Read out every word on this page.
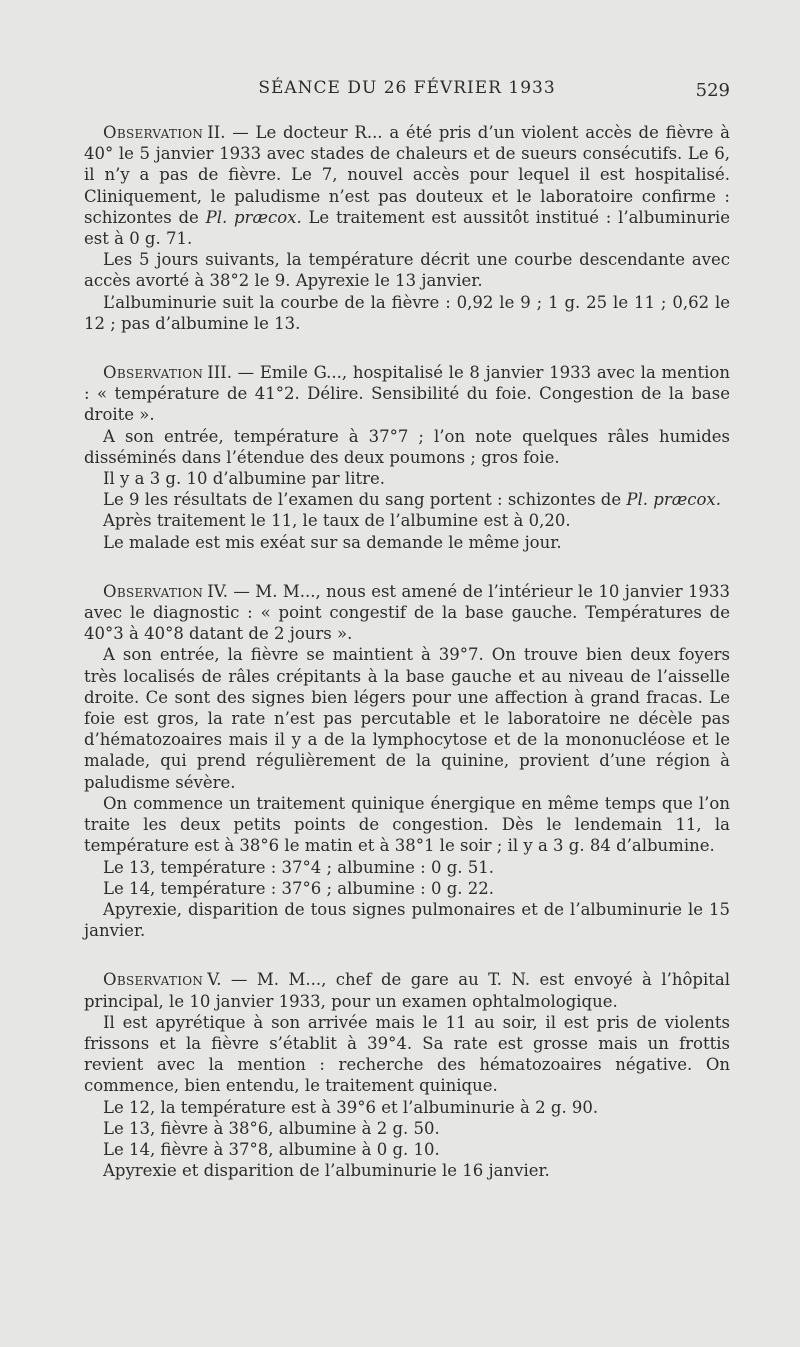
SÉANCE DU 26 FÉVRIER 1933	529

Observation II. — Le docteur R... a été pris d’un violent accès de fièvre à 40° le 5 janvier 1933 avec stades de chaleurs et de sueurs consécutifs. Le 6, il n’y a pas de fièvre. Le 7, nouvel accès pour lequel il est hospitalisé. Cliniquement, le paludisme n’est pas douteux et le laboratoire confirme : schizontes de Pl. præcox. Le traitement est aussitôt institué : l’albuminurie est à 0 g. 71.

Les 5 jours suivants, la température décrit une courbe descendante avec accès avorté à 38°2 le 9. Apyrexie le 13 janvier.

L’albuminurie suit la courbe de la fièvre : 0,92 le 9 ; 1 g. 25 le 11 ; 0,62 le 12 ; pas d’albumine le 13.

Observation III. — Emile G..., hospitalisé le 8 janvier 1933 avec la mention : « température de 41°2. Délire. Sensibilité du foie. Congestion de la base droite ».

A son entrée, température à 37°7 ; l’on note quelques râles humides disséminés dans l’étendue des deux poumons ; gros foie.

Il y a 3 g. 10 d’albumine par litre.

Le 9 les résultats de l’examen du sang portent : schizontes de Pl. præcox.

Après traitement le 11, le taux de l’albumine est à 0,20.

Le malade est mis exéat sur sa demande le même jour.

Observation IV. — M. M..., nous est amené de l’intérieur le 10 janvier 1933 avec le diagnostic : « point congestif de la base gauche. Températures de 40°3 à 40°8 datant de 2 jours ».

A son entrée, la fièvre se maintient à 39°7. On trouve bien deux foyers très localisés de râles crépitants à la base gauche et au niveau de l’aisselle droite. Ce sont des signes bien légers pour une affection à grand fracas. Le foie est gros, la rate n’est pas percutable et le laboratoire ne décèle pas d’hématozoaires mais il y a de la lymphocytose et de la mononucléose et le malade, qui prend régulièrement de la quinine, provient d’une région à paludisme sévère.

On commence un traitement quinique énergique en même temps que l’on traite les deux petits points de congestion. Dès le lendemain 11, la température est à 38°6 le matin et à 38°1 le soir ; il y a 3 g. 84 d’albumine.

Le 13, température : 37°4 ; albumine : 0 g. 51.

Le 14, température : 37°6 ; albumine : 0 g. 22.

Apyrexie, disparition de tous signes pulmonaires et de l’albuminurie le 15 janvier.

Observation V. — M. M..., chef de gare au T. N. est envoyé à l’hôpital principal, le 10 janvier 1933, pour un examen ophtalmologique.

Il est apyrétique à son arrivée mais le 11 au soir, il est pris de violents frissons et la fièvre s’établit à 39°4. Sa rate est grosse mais un frottis revient avec la mention : recherche des hématozoaires négative. On commence, bien entendu, le traitement quinique.

Le 12, la température est à 39°6 et l’albuminurie à 2 g. 90.

Le 13, fièvre à 38°6, albumine à 2 g. 50.

Le 14, fièvre à 37°8, albumine à 0 g. 10.

Apyrexie et disparition de l’albuminurie le 16 janvier.
